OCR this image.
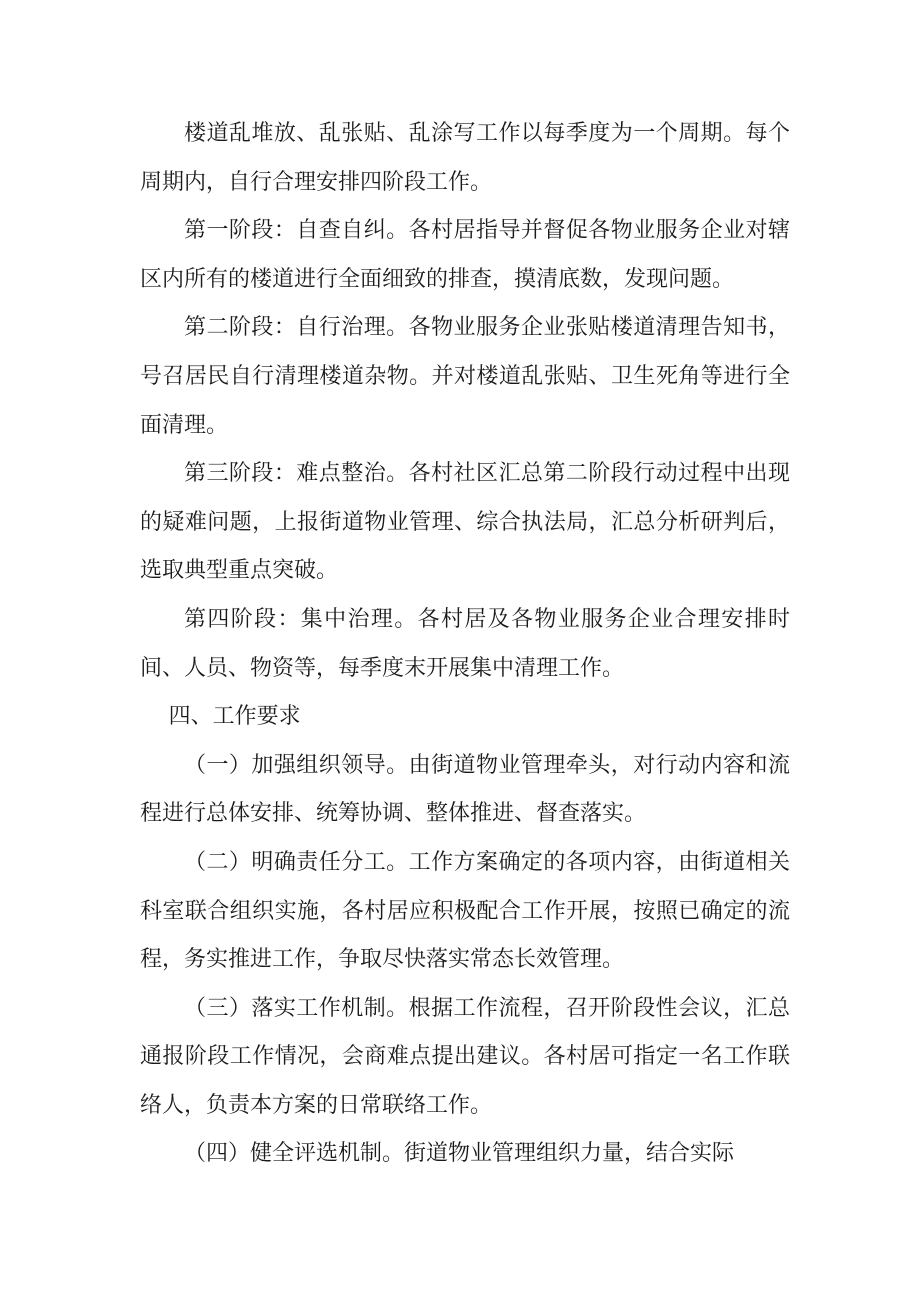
楼道乱堆放、乱张贴、乱涂写工作以每季度为一个周期。每个周期内，自行合理安排四阶段工作。

第一阶段：自查自纠。各村居指导并督促各物业服务企业对辖区内所有的楼道进行全面细致的排查，摸清底数，发现问题。

第二阶段：自行治理。各物业服务企业张贴楼道清理告知书，号召居民自行清理楼道杂物。并对楼道乱张贴、卫生死角等进行全面清理。

第三阶段：难点整治。各村社区汇总第二阶段行动过程中出现的疑难问题，上报街道物业管理、综合执法局，汇总分析研判后，选取典型重点突破。

第四阶段：集中治理。各村居及各物业服务企业合理安排时间、人员、物资等，每季度末开展集中清理工作。

四、工作要求

（一）加强组织领导。由街道物业管理牵头，对行动内容和流程进行总体安排、统筹协调、整体推进、督查落实。

（二）明确责任分工。工作方案确定的各项内容，由街道相关科室联合组织实施，各村居应积极配合工作开展，按照已确定的流程，务实推进工作，争取尽快落实常态长效管理。

（三）落实工作机制。根据工作流程，召开阶段性会议，汇总通报阶段工作情况，会商难点提出建议。各村居可指定一名工作联络人，负责本方案的日常联络工作。

（四）健全评选机制。街道物业管理组织力量，结合实际
